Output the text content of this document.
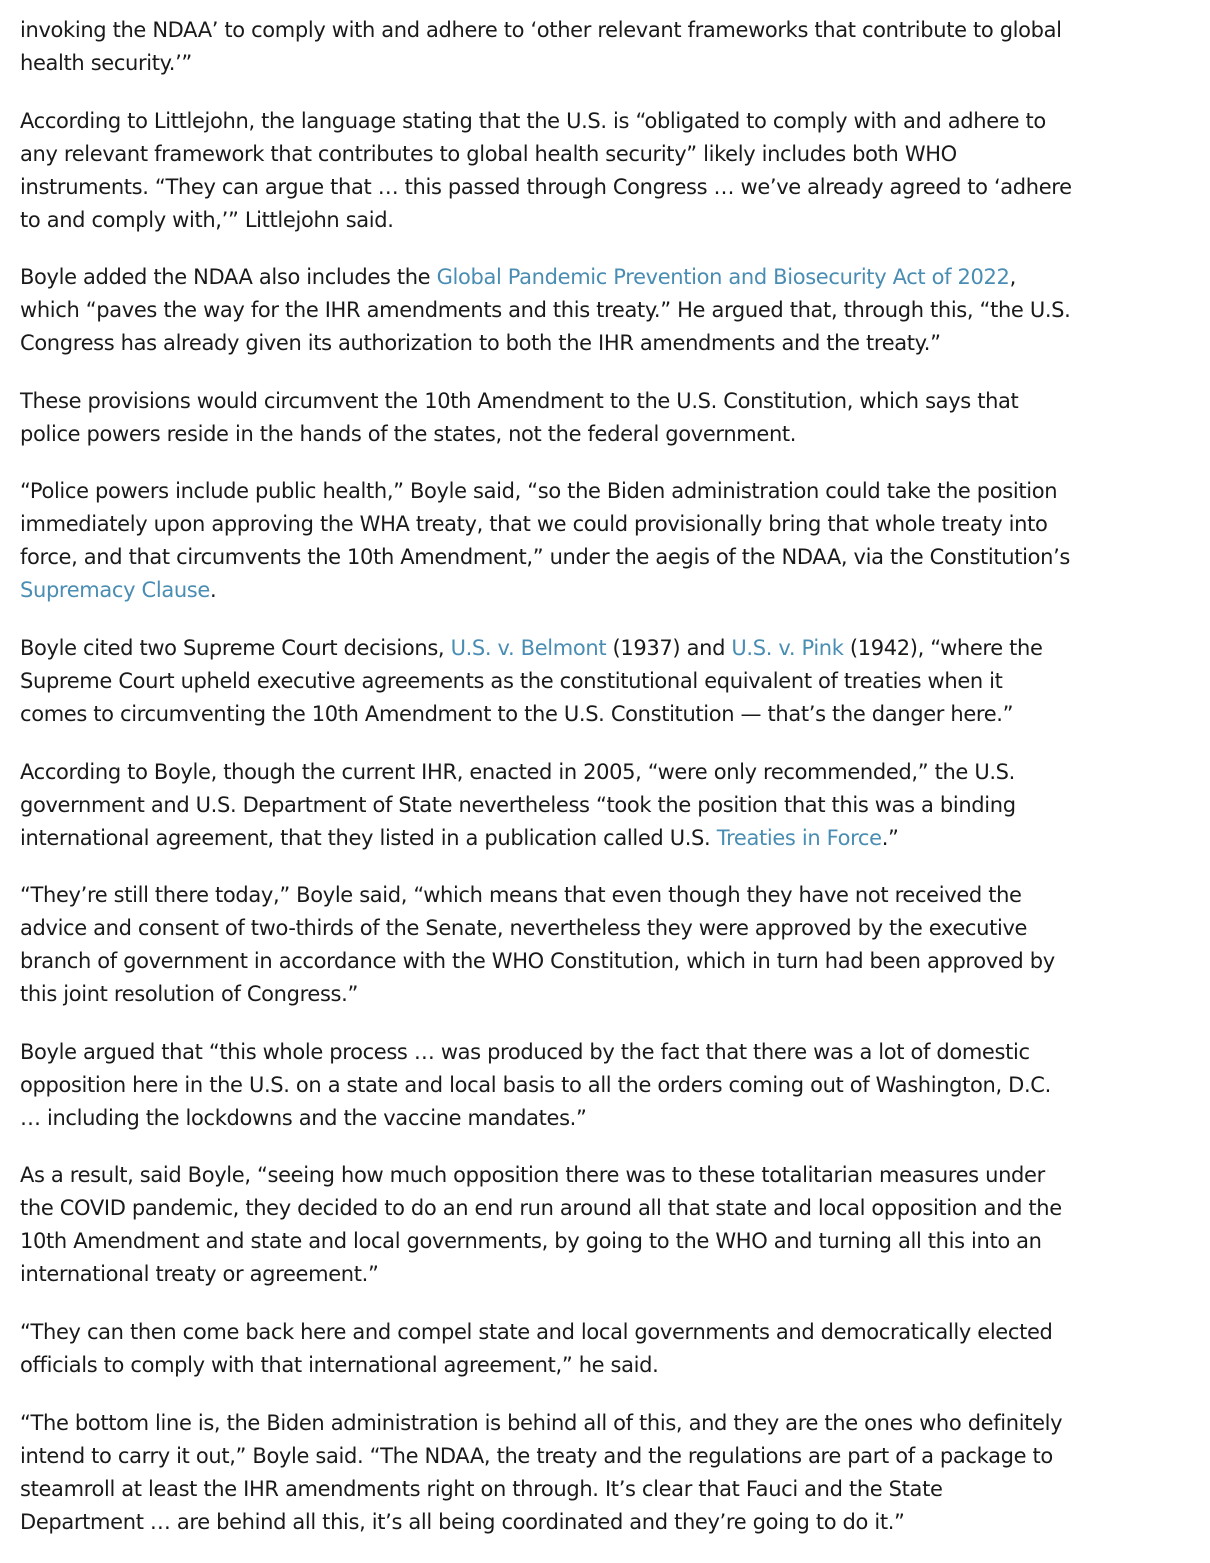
invoking the NDAA’ to comply with and adhere to ‘other relevant frameworks that contribute to global
health security.’”

According to Littlejohn, the language stating that the U.S. is “obligated to comply with and adhere to
any relevant framework that contributes to global health security” likely includes both WHO
instruments. “They can argue that … this passed through Congress … we’ve already agreed to ‘adhere
to and comply with,’” Littlejohn said.

Boyle added the NDAA also includes the Global Pandemic Prevention and Biosecurity Act of 2022,
which “paves the way for the IHR amendments and this treaty.” He argued that, through this, “the U.S.
Congress has already given its authorization to both the IHR amendments and the treaty.”

These provisions would circumvent the 10th Amendment to the U.S. Constitution, which says that
police powers reside in the hands of the states, not the federal government.

“Police powers include public health,” Boyle said, “so the Biden administration could take the position
immediately upon approving the WHA treaty, that we could provisionally bring that whole treaty into
force, and that circumvents the 10th Amendment,” under the aegis of the NDAA, via the Constitution’s
Supremacy Clause.

Boyle cited two Supreme Court decisions, U.S. v. Belmont (1937) and U.S. v. Pink (1942), “where the
Supreme Court upheld executive agreements as the constitutional equivalent of treaties when it
comes to circumventing the 10th Amendment to the U.S. Constitution — that’s the danger here.”

According to Boyle, though the current IHR, enacted in 2005, “were only recommended,” the U.S.
government and U.S. Department of State nevertheless “took the position that this was a binding
international agreement, that they listed in a publication called U.S. Treaties in Force.”

“They’re still there today,” Boyle said, “which means that even though they have not received the
advice and consent of two-thirds of the Senate, nevertheless they were approved by the executive
branch of government in accordance with the WHO Constitution, which in turn had been approved by
this joint resolution of Congress.”

Boyle argued that “this whole process … was produced by the fact that there was a lot of domestic
opposition here in the U.S. on a state and local basis to all the orders coming out of Washington, D.C.
… including the lockdowns and the vaccine mandates.”

As a result, said Boyle, “seeing how much opposition there was to these totalitarian measures under
the COVID pandemic, they decided to do an end run around all that state and local opposition and the
10th Amendment and state and local governments, by going to the WHO and turning all this into an
international treaty or agreement.”

“They can then come back here and compel state and local governments and democratically elected
officials to comply with that international agreement,” he said.

“The bottom line is, the Biden administration is behind all of this, and they are the ones who definitely
intend to carry it out,” Boyle said. “The NDAA, the treaty and the regulations are part of a package to
steamroll at least the IHR amendments right on through. It’s clear that Fauci and the State
Department … are behind all this, it’s all being coordinated and they’re going to do it.”
